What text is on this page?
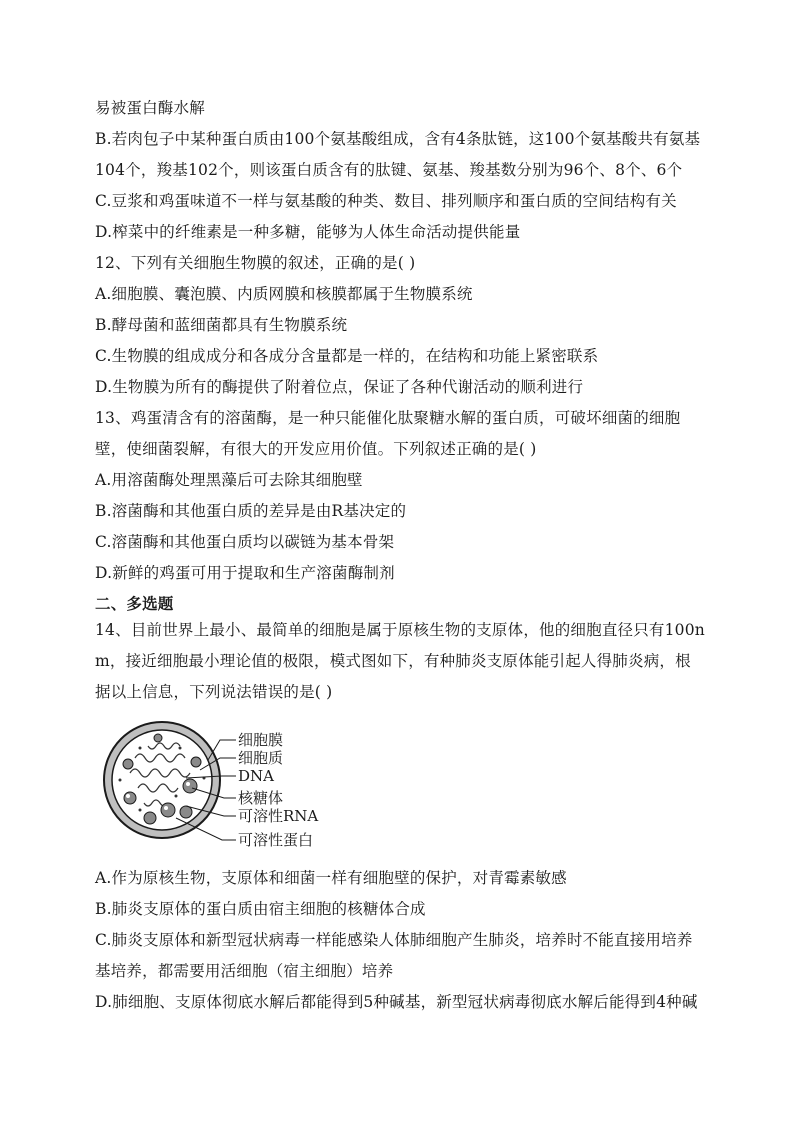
易被蛋白酶水解
B.若肉包子中某种蛋白质由100个氨基酸组成，含有4条肽链，这100个氨基酸共有氨基
104个，羧基102个，则该蛋白质含有的肽键、氨基、羧基数分别为96个、8个、6个
C.豆浆和鸡蛋味道不一样与氨基酸的种类、数目、排列顺序和蛋白质的空间结构有关
D.榨菜中的纤维素是一种多糖，能够为人体生命活动提供能量
12、下列有关细胞生物膜的叙述，正确的是( )
A.细胞膜、囊泡膜、内质网膜和核膜都属于生物膜系统
B.酵母菌和蓝细菌都具有生物膜系统
C.生物膜的组成成分和各成分含量都是一样的，在结构和功能上紧密联系
D.生物膜为所有的酶提供了附着位点，保证了各种代谢活动的顺利进行
13、鸡蛋清含有的溶菌酶，是一种只能催化肽聚糖水解的蛋白质，可破坏细菌的细胞
壁，使细菌裂解，有很大的开发应用价值。下列叙述正确的是( )
A.用溶菌酶处理黑藻后可去除其细胞壁
B.溶菌酶和其他蛋白质的差异是由R基决定的
C.溶菌酶和其他蛋白质均以碳链为基本骨架
D.新鲜的鸡蛋可用于提取和生产溶菌酶制剂
二、多选题
14、目前世界上最小、最简单的细胞是属于原核生物的支原体，他的细胞直径只有100n
m，接近细胞最小理论值的极限，模式图如下，有种肺炎支原体能引起人得肺炎病，根
据以上信息，下列说法错误的是( )
细胞膜
细胞质
DNA
核糖体
可溶性RNA
可溶性蛋白
A.作为原核生物，支原体和细菌一样有细胞壁的保护，对青霉素敏感
B.肺炎支原体的蛋白质由宿主细胞的核糖体合成
C.肺炎支原体和新型冠状病毒一样能感染人体肺细胞产生肺炎，培养时不能直接用培养
基培养，都需要用活细胞（宿主细胞）培养
D.肺细胞、支原体彻底水解后都能得到5种碱基，新型冠状病毒彻底水解后能得到4种碱
